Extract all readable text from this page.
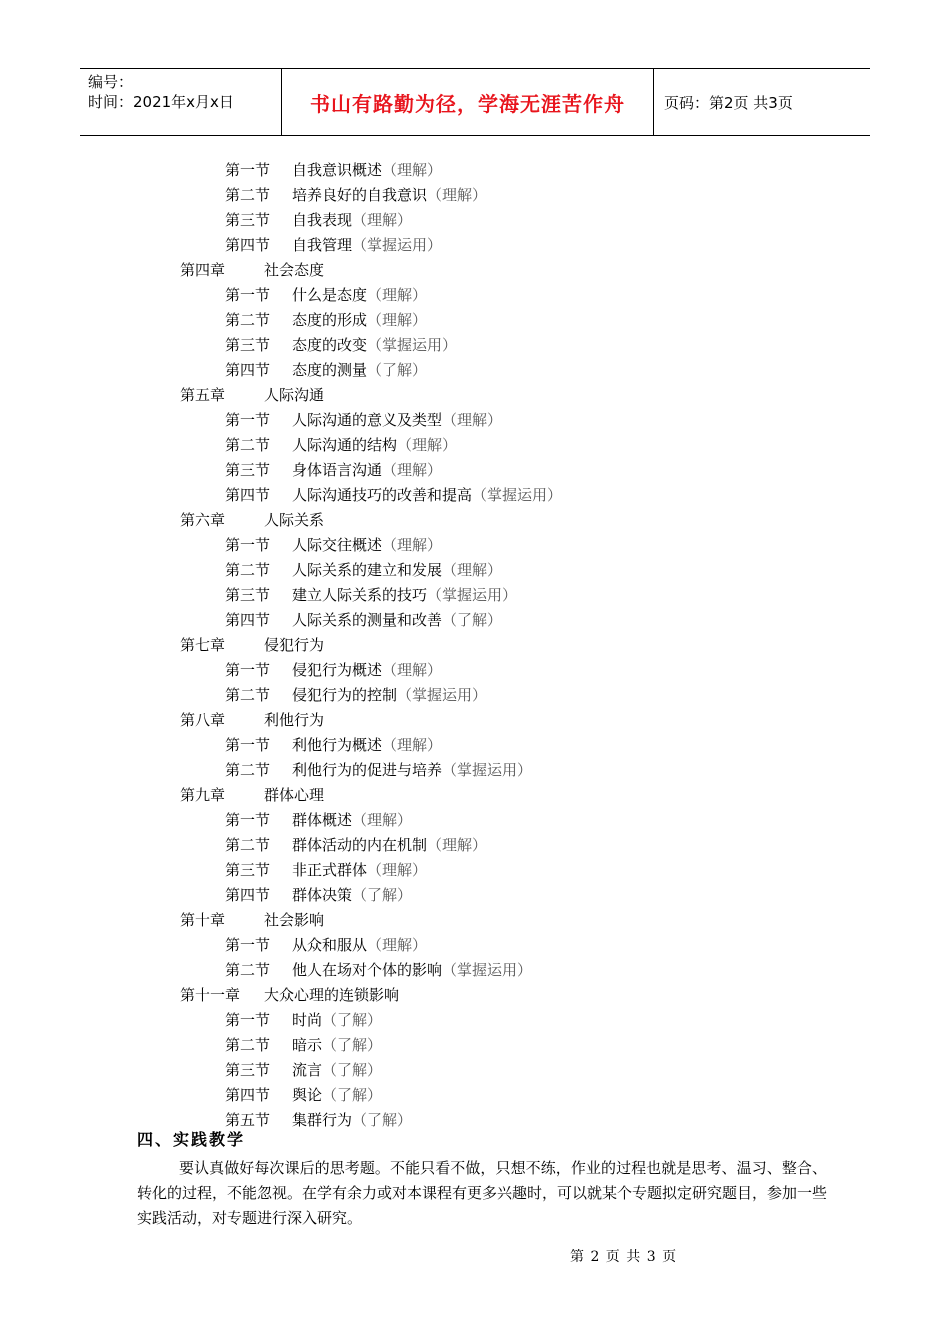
编号：
时间：2021年x月x日	书山有路勤为径，学海无涯苦作舟	页码：第2页 共3页
第一节 自我意识概述（理解）
第二节 培养良好的自我意识（理解）
第三节 自我表现（理解）
第四节 自我管理（掌握运用）
第四章	社会态度
第一节 什么是态度（理解）
第二节 态度的形成（理解）
第三节 态度的改变（掌握运用）
第四节 态度的测量（了解）
第五章	人际沟通
第一节 人际沟通的意义及类型（理解）
第二节 人际沟通的结构（理解）
第三节 身体语言沟通（理解）
第四节 人际沟通技巧的改善和提高（掌握运用）
第六章	人际关系
第一节 人际交往概述（理解）
第二节 人际关系的建立和发展（理解）
第三节 建立人际关系的技巧（掌握运用）
第四节 人际关系的测量和改善（了解）
第七章	侵犯行为
第一节 侵犯行为概述（理解）
第二节 侵犯行为的控制（掌握运用）
第八章	利他行为
第一节 利他行为概述（理解）
第二节 利他行为的促进与培养（掌握运用）
第九章	群体心理
第一节 群体概述（理解）
第二节 群体活动的内在机制（理解）
第三节 非正式群体（理解）
第四节 群体决策（了解）
第十章	社会影响
第一节 从众和服从（理解）
第二节 他人在场对个体的影响（掌握运用）
第十一章 大众心理的连锁影响
第一节 时尚（了解）
第二节 暗示（了解）
第三节 流言（了解）
第四节 舆论（了解）
第五节 集群行为（了解）
四、实践教学
要认真做好每次课后的思考题。不能只看不做，只想不练，作业的过程也就是思考、温习、整合、转化的过程，不能忽视。在学有余力或对本课程有更多兴趣时，可以就某个专题拟定研究题目，参加一些实践活动，对专题进行深入研究。
第 2 页 共 3 页
